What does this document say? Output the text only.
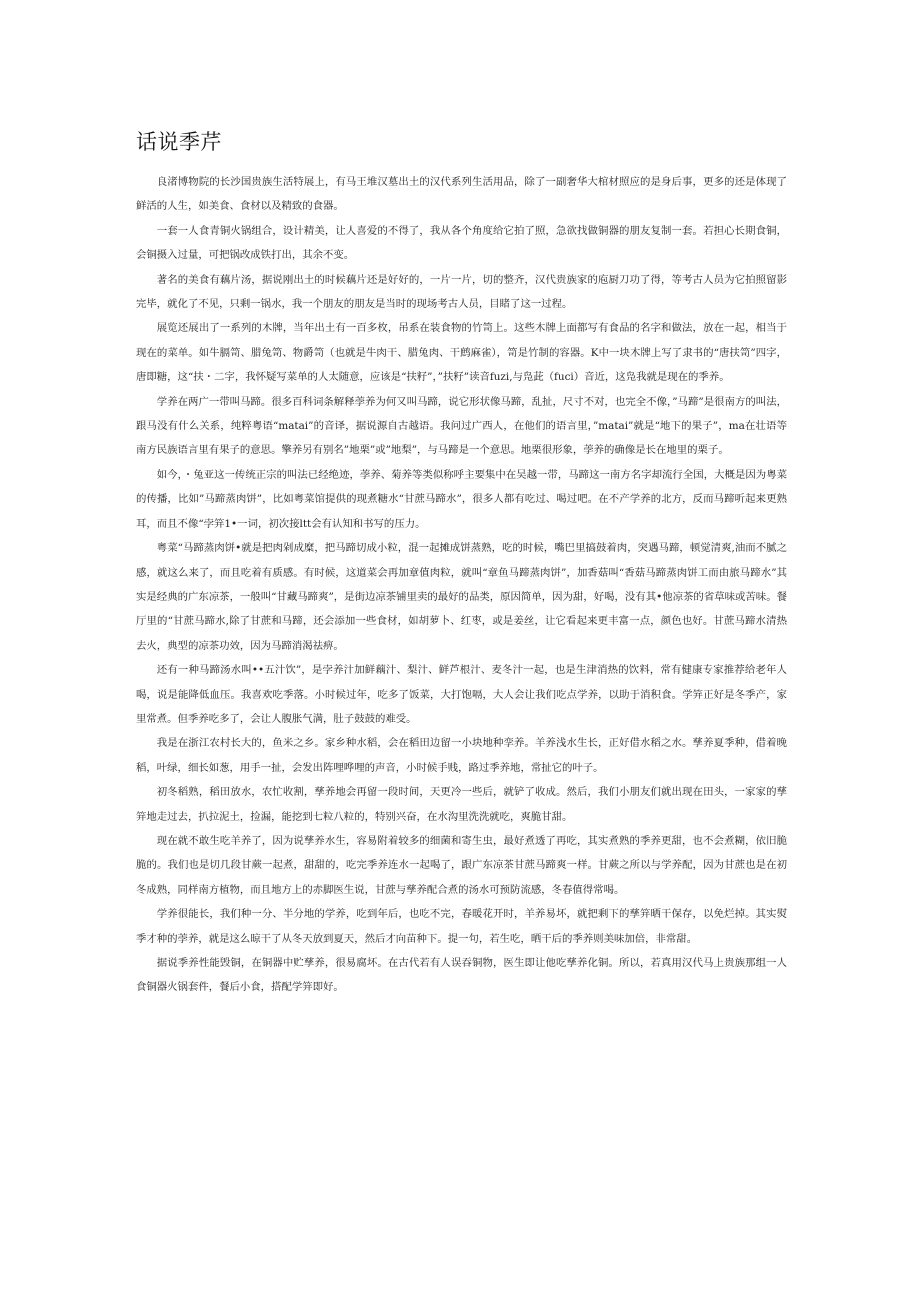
话说季芹

良渚博物院的长沙国贵族生活特展上，有马王堆汉墓出土的汉代系列生活用品，除了一副奢华大棺材照应的是身后事，更多的还是体现了鲜活的人生，如美食、食材以及精致的食器。

一套一人食青铜火锅组合，设计精美，让人喜爱的不得了，我从各个角度给它拍了照，急欲找做铜器的朋友复制一套。若担心长期食铜，会铜摄入过量，可把锅改成铁打出，其余不变。

著名的美食有藕片汤，据说刚出土的时候藕片还是好好的，一片一片，切的整齐，汉代贵族家的庖厨刀功了得，等考古人员为它拍照留影完毕，就化了不见，只剩一锅水，我一个朋友的朋友是当时的现场考古人员，目睹了这一过程。

展览还展出了一系列的木牌，当年出土有一百多枚，吊系在装食物的竹笥上。这些木牌上面都写有食品的名字和做法，放在一起，相当于现在的菜单。如牛膈笥、腊兔笥、物爵笥（也就是牛肉干、腊兔肉、干鹧麻雀），笥是竹制的容器。K中一块木牌上写了隶书的“唐扶笥”四字，唐即糖，这“扶・二字，我怀疑写菜单的人太随意，应该是“扶籽”，”扶籽”读音fuzi,与凫茈（fuci）音近，这凫我就是现在的季养。

学养在两广一带叫马蹄。很多百科词条解释荸养为何又叫马蹄，说它形状像马蹄，乱扯，尺寸不对，也完全不像，”马蹄”是很南方的叫法，跟马没有什么关系，纯粹粤语“matai”的音译，据说源自古越语。我问过广西人，在他们的语言里，”matai”就是“地下的果子”，ma在壮语等南方民族语言里有果子的意思。擎养另有别名”地栗”或”地梨”，与马蹄是一个意思。地栗很形象，荸养的确像是长在地里的栗子。

如今，・兔亚这一传统正宗的叫法已经绝迹，荸养、菊养等类似称呼主要集中在吴越一带，马蹄这一南方名字却流行全国，大概是因为粤菜的传播，比如”马蹄蒸肉饼”，比如粤菜馆提供的现煮糖水“甘蔗马蹄水”，很多人都有吃过、喝过吧。在不产学养的北方，反而马蹄听起来更熟耳，而且不像“孛笄1•一词，初次接ltt会有认知和书写的压力。

粤菜“马蹄蒸肉饼•就是把肉剁成糜，把马蹄切成小粒，混一起摊成饼蒸熟，吃的时候，嘴巴里搞鼓着肉，突遇马蹄，顿觉清爽,油而不腻之感，就这么来了，而且吃着有质感。有时候，这道菜会再加章值肉粒，就叫“章鱼马蹄蒸肉饼”，加香菇叫“香菇马蹄蒸肉饼工而由旅马蹄水”其实是经典的广东凉茶，一般叫“甘藏马蹄爽”，是街边凉茶铺里卖的最好的品类，原因简单，因为甜，好喝，没有其•他凉茶的省草味或苦味。餐厅里的“甘蔗马蹄水,除了甘蔗和马蹄，还会添加一些食材，如胡萝卜、红枣，或是姜丝，让它看起来更丰富一点，颜色也好。甘蔗马蹄水清热去火，典型的凉茶功效，因为马蹄消渴祛痹。

还有一种马蹄汤水叫••五汁饮”，是孛养汁加鲜藕汁、梨汁、鲜芦根汁、麦冬汁一起，也是生津消热的饮料，常有健康专家推荐给老年人喝，说是能降低血压。我喜欢吃季落。小时候过年，吃多了饭菜，大打饱嗝，大人会让我们吃点学养，以助于消积食。学笄正好是冬季产，家里常煮。但季养吃多了，会让人腹胀气满，肚子鼓鼓的难受。

我是在浙江农村长大的，鱼米之乡。家乡种水稻，会在稻田边留一小块地种孪养。羊养浅水生长，正好借水稻之水。孳养夏季种，借着晚稻，叶绿，细长如葱，用手一扯，会发出阵哩哗哩的声音，小时候手贱，路过季养地，常扯它的叶子。

初冬稻熟，稻田放水，农忙收割，孳养地会再留一段时间，天更冷一些后，就铲了收成。然后，我们小朋友们就出现在田头，一家家的孳笄地走过去，扒拉泥土，捡漏，能挖到七粒八粒的，特别兴奋，在水沟里洗洗就吃，爽脆甘甜。

现在就不敢生吃羊养了，因为说孳养水生，容易附着较多的细菌和寄生虫，最好煮透了再吃，其实煮熟的季养更甜，也不会煮糊，依旧脆脆的。我们也是切几段甘蕨一起煮，甜甜的，吃完季养连水一起喝了，跟广东凉茶甘蔗马蹄爽一样。甘蕨之所以与学养配，因为甘蔗也是在初冬成熟，同样南方植物，而且地方上的赤脚医生说，甘蔗与孳养配合煮的汤水可预防流感，冬春值得常喝。

学养很能长，我们种一分、半分地的学养，吃到年后，也吃不完，春暖花开时，羊养易坏，就把剩下的孳笄晒干保存，以免烂掉。其实熨季才种的荸养，就是这么晾干了从冬天放到夏天，然后才向苗种下。提一句，若生吃，晒干后的季养则美味加倍，非常甜。

据说季养性能毁铜，在铜器中贮孳养，很易腐坏。在古代若有人误吞铜物，医生即让他吃孳养化铜。所以，若真用汉代马上贵族那组一人食铜器火锅套件，餐后小食，搭配学笄即好。
